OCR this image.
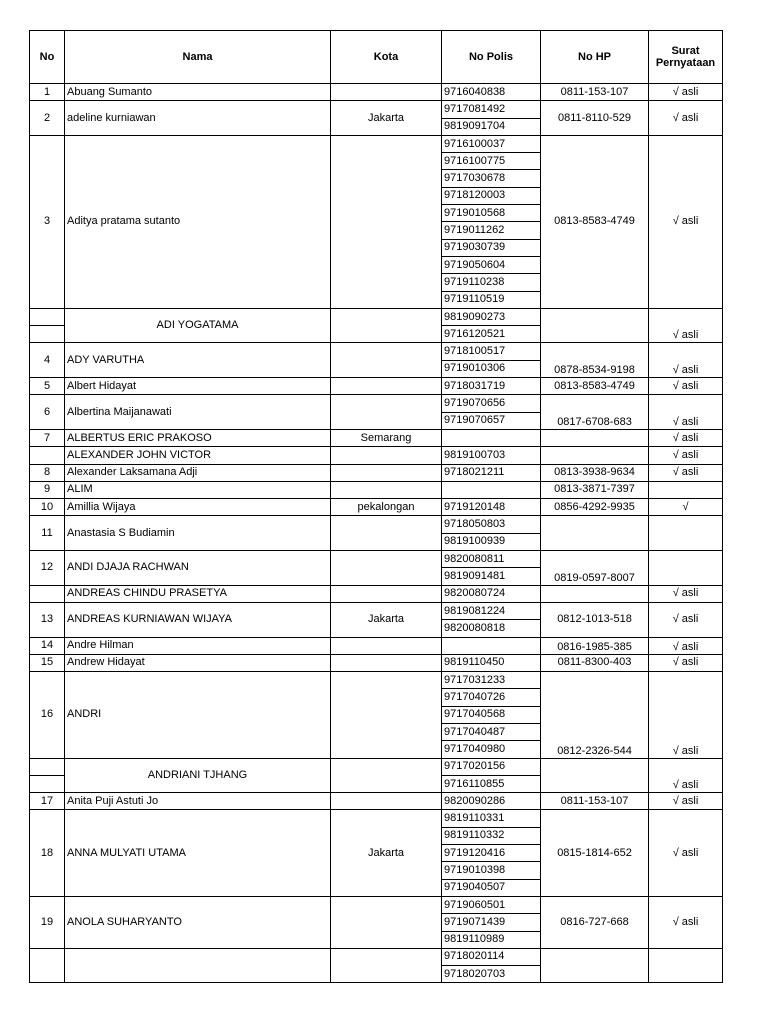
No	Nama	Kota	No Polis	No HP	Surat Pernyataan
1	Abuang Sumanto		9716040838	0811-153-107	√ asli
2	adeline kurniawan	Jakarta	9717081492	0811-8110-529	√ asli
			9819091704		
3	Aditya pratama sutanto		9716100037	0813-8583-4749	√ asli
			9716100775		
			9717030678		
			9718120003		
			9719010568		
			9719011262		
			9719030739		
			9719050604		
			9719110238		
			9719110519		
	ADI YOGATAMA		9819090273		√ asli
			9716120521		
4	ADY VARUTHA		9718100517	0878-8534-9198	√ asli
			9719010306		
5	Albert Hidayat		9718031719	0813-8583-4749	√ asli
6	Albertina Maijanawati		9719070656	0817-6708-683	√ asli
			9719070657		
7	ALBERTUS ERIC PRAKOSO	Semarang			√ asli
	ALEXANDER JOHN VICTOR		9819100703		√ asli
8	Alexander Laksamana Adji		9718021211	0813-3938-9634	√ asli
9	ALIM			0813-3871-7397	
10	Amillia Wijaya	pekalongan	9719120148	0856-4292-9935	√
11	Anastasia S Budiamin		9718050803		
			9819100939		
12	ANDI DJAJA RACHWAN		9820080811	0819-0597-8007	
			9819091481		
	ANDREAS CHINDU PRASETYA		9820080724		√ asli
13	ANDREAS KURNIAWAN WIJAYA	Jakarta	9819081224	0812-1013-518	√ asli
			9820080818		
14	Andre Hilman			0816-1985-385	√ asli
15	Andrew Hidayat		9819110450	0811-8300-403	√ asli
16	ANDRI		9717031233	0812-2326-544	√ asli
			9717040726		
			9717040568		
			9717040487		
			9717040980		
	ANDRIANI TJHANG		9717020156		√ asli
			9716110855		
17	Anita Puji Astuti Jo		9820090286	0811-153-107	√ asli
18	ANNA MULYATI UTAMA	Jakarta	9819110331	0815-1814-652	√ asli
			9819110332		
			9719120416		
			9719010398		
			9719040507		
19	ANOLA SUHARYANTO		9719060501	0816-727-668	√ asli
			9719071439		
			9819110989		
			9718020114		
			9718020703		
